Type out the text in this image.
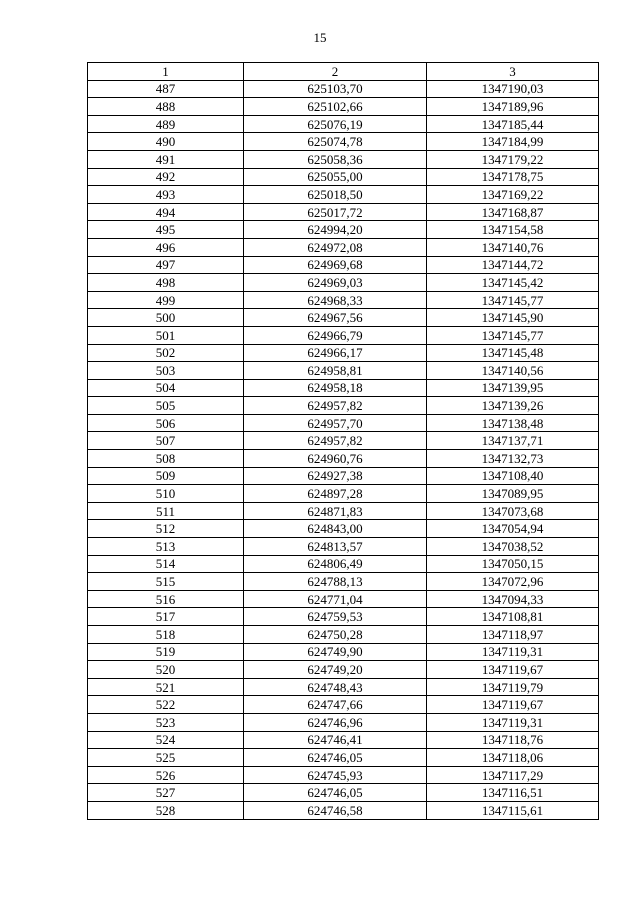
15
1	2	3
487	625103,70	1347190,03
488	625102,66	1347189,96
489	625076,19	1347185,44
490	625074,78	1347184,99
491	625058,36	1347179,22
492	625055,00	1347178,75
493	625018,50	1347169,22
494	625017,72	1347168,87
495	624994,20	1347154,58
496	624972,08	1347140,76
497	624969,68	1347144,72
498	624969,03	1347145,42
499	624968,33	1347145,77
500	624967,56	1347145,90
501	624966,79	1347145,77
502	624966,17	1347145,48
503	624958,81	1347140,56
504	624958,18	1347139,95
505	624957,82	1347139,26
506	624957,70	1347138,48
507	624957,82	1347137,71
508	624960,76	1347132,73
509	624927,38	1347108,40
510	624897,28	1347089,95
511	624871,83	1347073,68
512	624843,00	1347054,94
513	624813,57	1347038,52
514	624806,49	1347050,15
515	624788,13	1347072,96
516	624771,04	1347094,33
517	624759,53	1347108,81
518	624750,28	1347118,97
519	624749,90	1347119,31
520	624749,20	1347119,67
521	624748,43	1347119,79
522	624747,66	1347119,67
523	624746,96	1347119,31
524	624746,41	1347118,76
525	624746,05	1347118,06
526	624745,93	1347117,29
527	624746,05	1347116,51
528	624746,58	1347115,61
